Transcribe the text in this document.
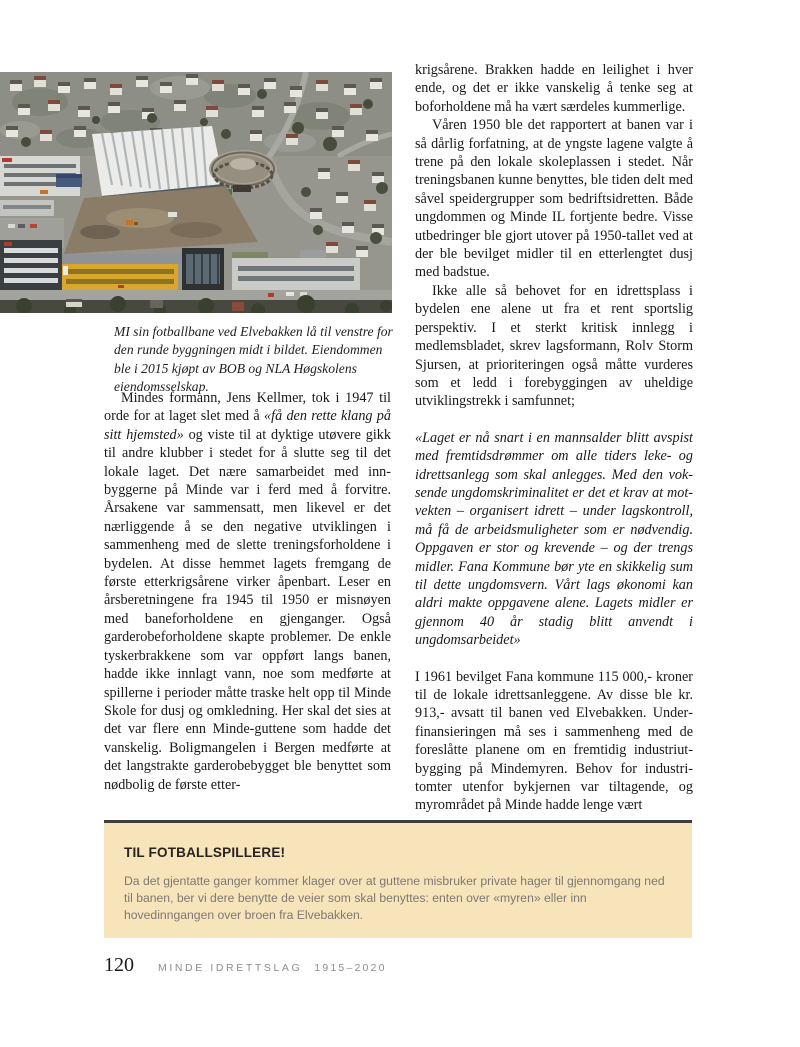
MI sin fotballbane ved Elvebakken lå til venstre for den runde byggningen midt i bildet. Eiendommen ble i 2015 kjøpt av BOB og NLA Høgskolens eiendomsselskap.

Mindes formann, Jens Kellmer, tok i 1947 til orde for at laget slet med å «få den rette klang på sitt hjemsted» og viste til at dyktige utøvere gikk til andre klubber i stedet for å slutte seg til det lokale laget. Det nære samarbeidet med innbyggerne på Minde var i ferd med å forvitre. Årsakene var sammensatt, men likevel er det nærliggende å se den negative utviklingen i sammenheng med de slette treningsforholdene i bydelen. At disse hemmet lagets fremgang de første etterkrigsårene virker åpenbart. Leser en årsberetningene fra 1945 til 1950 er misnøyen med baneforholdene en gjenganger. Også garderobeforholdene skapte problemer. De enkle tyskerbrakkene som var oppført langs banen, hadde ikke innlagt vann, noe som medførte at spillerne i perioder måtte traske helt opp til Minde Skole for dusj og omkledning. Her skal det sies at det var flere enn Minde-guttene som hadde det vanskelig. Boligmangelen i Bergen medførte at det langstrakte garderobebygget ble benyttet som nødbolig de første etter-

krigsårene. Brakken hadde en leilighet i hver ende, og det er ikke vanskelig å tenke seg at boforholdene må ha vært særdeles kummerlige.

Våren 1950 ble det rapportert at banen var i så dårlig forfatning, at de yngste lagene valgte å trene på den lokale skoleplassen i stedet. Når treningsbanen kunne benyttes, ble tiden delt med såvel speidergrupper som bedriftsidretten. Både ungdommen og Minde IL fortjente bedre. Visse utbedringer ble gjort utover på 1950-tallet ved at der ble bevilget midler til en etterlengtet dusj med badstue.

Ikke alle så behovet for en idrettsplass i bydelen ene alene ut fra et rent sportslig perspektiv. I et sterkt kritisk innlegg i medlemsbladet, skrev lagsformann, Rolv Storm Sjursen, at prioriteringen også måtte vurderes som et ledd i forebyggingen av uheldige utviklingstrekk i samfunnet;

«Laget er nå snart i en mannsalder blitt avspist med fremtidsdrømmer om alle tiders leke- og idrettsanlegg som skal anlegges. Med den voksende ungdomskriminalitet er det et krav at motvekten – organisert idrett – under lagskontroll, må få de arbeidsmuligheter som er nødvendig. Oppgaven er stor og krevende – og der trengs midler. Fana Kommune bør yte en skikkelig sum til dette ungdomsvern. Vårt lags økonomi kan aldri makte oppgavene alene. Lagets midler er gjennom 40 år stadig blitt anvendt i ungdomsarbeidet»

I 1961 bevilget Fana kommune 115 000,- kroner til de lokale idrettsanleggene. Av disse ble kr. 913,- avsatt til banen ved Elvebakken. Underfinansieringen må ses i sammenheng med de foreslåtte planene om en fremtidig industriutbygging på Mindemyren. Behov for industritomter utenfor bykjernen var tiltagende, og myrområdet på Minde hadde lenge vært

TIL FOTBALLSPILLERE!

Da det gjentatte ganger kommer klager over at guttene misbruker private hager til gjennomgang ned til banen, ber vi dere benytte de veier som skal benyttes: enten over «myren» eller inn hovedinngangen over broen fra Elvebakken.

120 MINDE IDRETTSLAG 1915–2020
